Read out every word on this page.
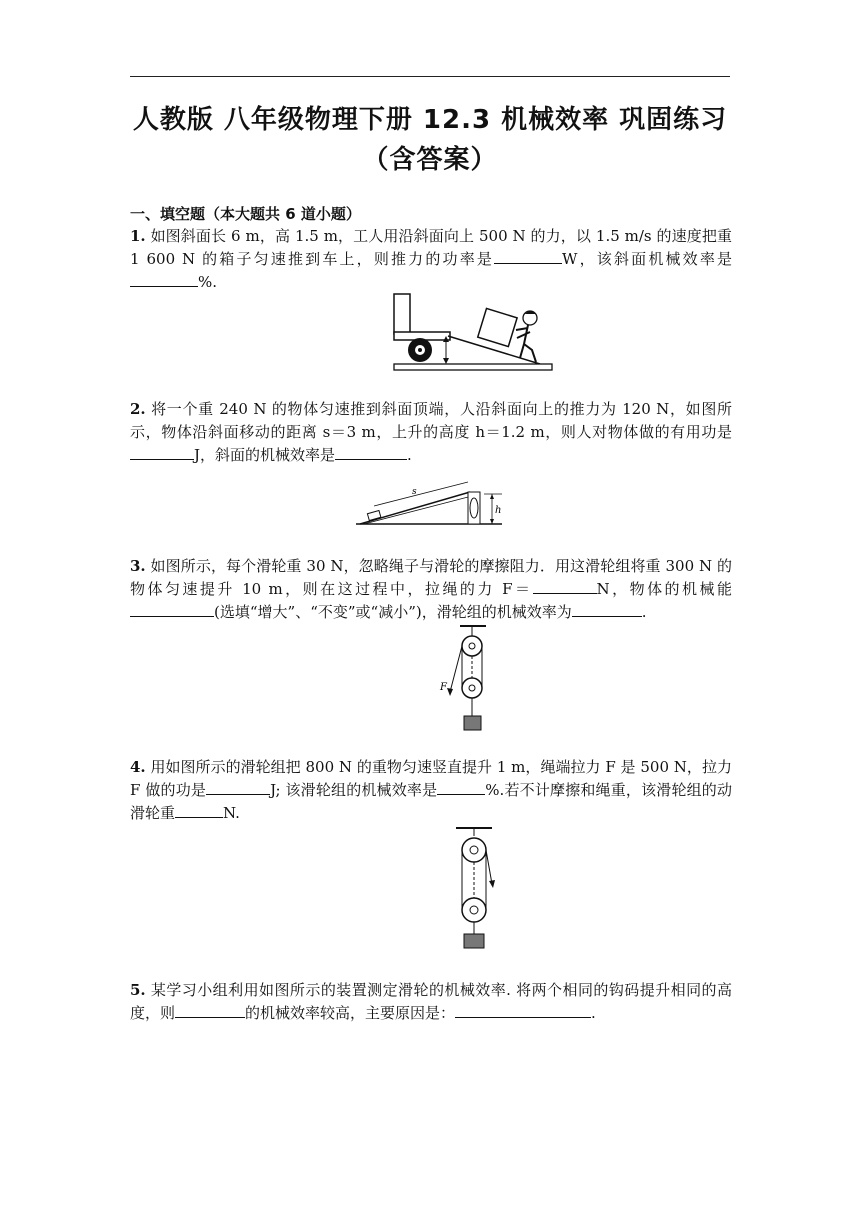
人教版 八年级物理下册 12.3 机械效率 巩固练习（含答案）
一、填空题（本大题共 6 道小题）
1. 如图斜面长 6 m，高 1.5 m，工人用沿斜面向上 500 N 的力，以 1.5 m/s 的速度把重 1 600 N 的箱子匀速推到车上，则推力的功率是	W，该斜面机械效率是%.
2. 将一个重 240 N 的物体匀速推到斜面顶端，人沿斜面向上的推力为 120 N，如图所示，物体沿斜面移动的距离 s＝3 m，上升的高度 h＝1.2 m，则人对物体做的有用功是J，斜面的机械效率是	.
s
h
3. 如图所示，每个滑轮重 30 N，忽略绳子与滑轮的摩擦阻力．用这滑轮组将重 300 N 的物体匀速提升 10 m，则在这过程中，拉绳的力 F＝	N，物体的机械能(选填“增大”、“不变”或“减小”)，滑轮组的机械效率为	.
F
4. 用如图所示的滑轮组把 800 N 的重物匀速竖直提升 1 m，绳端拉力 F 是 500 N，拉力 F 做的功是	J; 该滑轮组的机械效率是	%.若不计摩擦和绳重，该滑轮组的动滑轮重	N.
5. 某学习小组利用如图所示的装置测定滑轮的机械效率. 将两个相同的钩码提升相同的高度，则	的机械效率较高，主要原因是：	.
